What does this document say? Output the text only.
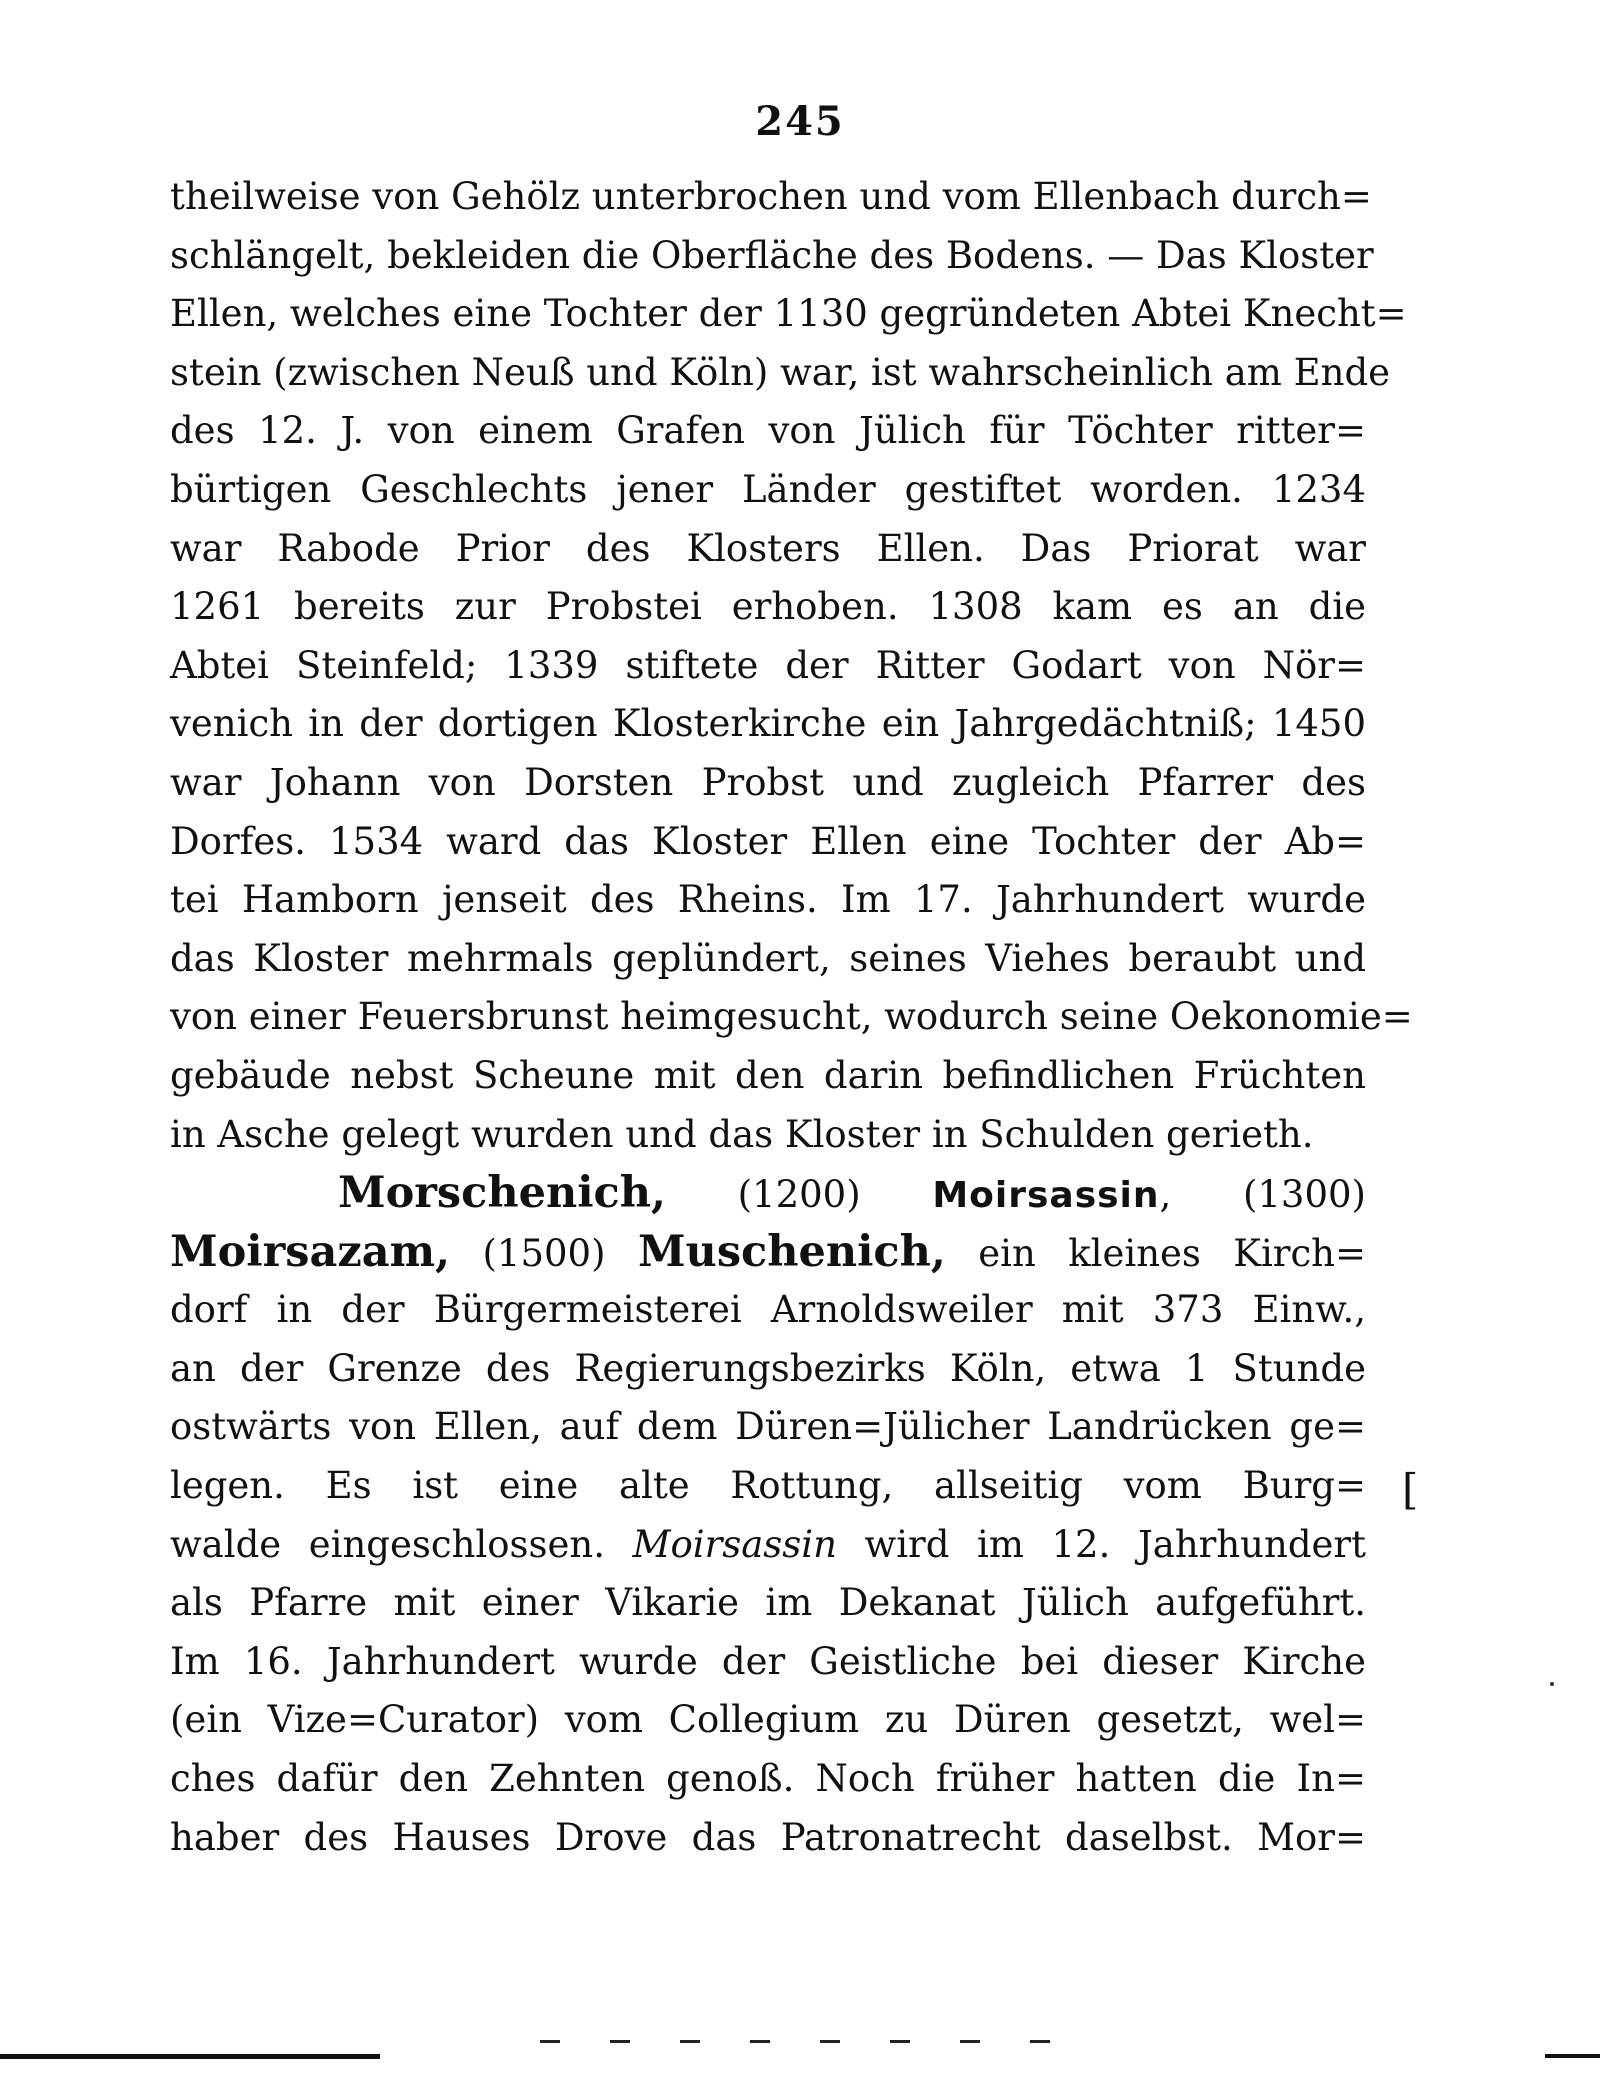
245
theilweise von Gehölz unterbrochen und vom Ellenbach durch=
schlängelt, bekleiden die Oberfläche des Bodens. — Das Kloster
Ellen, welches eine Tochter der 1130 gegründeten Abtei Knecht=
stein (zwischen Neuß und Köln) war, ist wahrscheinlich am Ende
des 12. J. von einem Grafen von Jülich für Töchter ritter=
bürtigen Geschlechts jener Länder gestiftet worden. 1234
war Rabode Prior des Klosters Ellen. Das Priorat war
1261 bereits zur Probstei erhoben. 1308 kam es an die
Abtei Steinfeld; 1339 stiftete der Ritter Godart von Nör=
venich in der dortigen Klosterkirche ein Jahrgedächtniß; 1450
war Johann von Dorsten Probst und zugleich Pfarrer des
Dorfes. 1534 ward das Kloster Ellen eine Tochter der Ab=
tei Hamborn jenseit des Rheins. Im 17. Jahrhundert wurde
das Kloster mehrmals geplündert, seines Viehes beraubt und
von einer Feuersbrunst heimgesucht, wodurch seine Oekonomie=
gebäude nebst Scheune mit den darin befindlichen Früchten
in Asche gelegt wurden und das Kloster in Schulden gerieth.
Morschenich, (1200) Moirsassin, (1300)
Moirsazam, (1500) Muschenich, ein kleines Kirch=
dorf in der Bürgermeisterei Arnoldsweiler mit 373 Einw.,
an der Grenze des Regierungsbezirks Köln, etwa 1 Stunde
ostwärts von Ellen, auf dem Düren=Jülicher Landrücken ge=
legen. Es ist eine alte Rottung, allseitig vom Burg=
walde eingeschlossen. Moirsassin wird im 12. Jahrhundert
als Pfarre mit einer Vikarie im Dekanat Jülich aufgeführt.
Im 16. Jahrhundert wurde der Geistliche bei dieser Kirche
(ein Vize=Curator) vom Collegium zu Düren gesetzt, wel=
ches dafür den Zehnten genoß. Noch früher hatten die In=
haber des Hauses Drove das Patronatrecht daselbst. Mor=
[
